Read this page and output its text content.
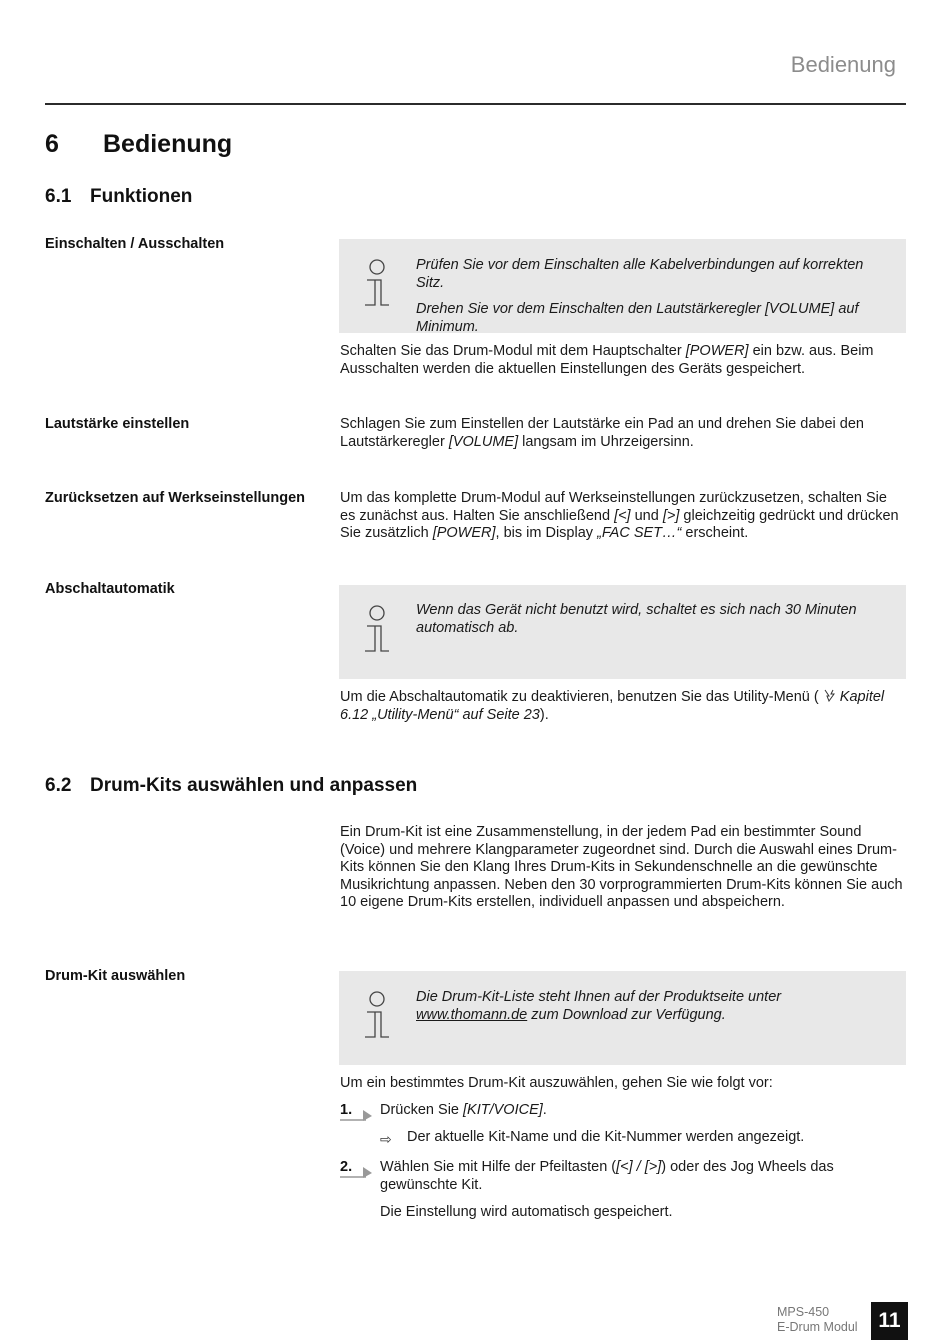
Bedienung
6 Bedienung
6.1 Funktionen
Einschalten / Ausschalten

Prüfen Sie vor dem Einschalten alle Kabelverbindungen auf korrekten Sitz.

Drehen Sie vor dem Einschalten den Lautstärkeregler [VOLUME] auf Minimum.

Schalten Sie das Drum-Modul mit dem Hauptschalter [POWER] ein bzw. aus. Beim Ausschalten werden die aktuellen Einstellungen des Geräts gespeichert.
Lautstärke einstellen	Schlagen Sie zum Einstellen der Lautstärke ein Pad an und drehen Sie dabei den Lautstärkeregler [VOLUME] langsam im Uhrzeigersinn.
Zurücksetzen auf Werkseinstellungen	Um das komplette Drum-Modul auf Werkseinstellungen zurückzusetzen, schalten Sie es zunächst aus. Halten Sie anschließend [<] und [>] gleichzeitig gedrückt und drücken Sie zusätzlich [POWER], bis im Display „FAC SET…“ erscheint.
Abschaltautomatik

Wenn das Gerät nicht benutzt wird, schaltet es sich nach 30 Minuten automatisch ab.

Um die Abschaltautomatik zu deaktivieren, benutzen Sie das Utility-Menü (  Kapitel 6.12 „Utility-Menü“ auf Seite 23).
6.2 Drum-Kits auswählen und anpassen
Ein Drum-Kit ist eine Zusammenstellung, in der jedem Pad ein bestimmter Sound (Voice) und mehrere Klangparameter zugeordnet sind. Durch die Auswahl eines Drum-Kits können Sie den Klang Ihres Drum-Kits in Sekundenschnelle an die gewünschte Musikrichtung anpassen. Neben den 30 vorprogrammierten Drum-Kits können Sie auch 10 eigene Drum-Kits erstellen, individuell anpassen und abspeichern.
Drum-Kit auswählen

Die Drum-Kit-Liste steht Ihnen auf der Produktseite unter www.thomann.de zum Download zur Verfügung.

Um ein bestimmtes Drum-Kit auszuwählen, gehen Sie wie folgt vor:
1. Drücken Sie [KIT/VOICE].
⇨ Der aktuelle Kit-Name und die Kit-Nummer werden angezeigt.
2. Wählen Sie mit Hilfe der Pfeiltasten ([<] / [>]) oder des Jog Wheels das gewünschte Kit.
Die Einstellung wird automatisch gespeichert.
MPS-450
E-Drum Modul 11
